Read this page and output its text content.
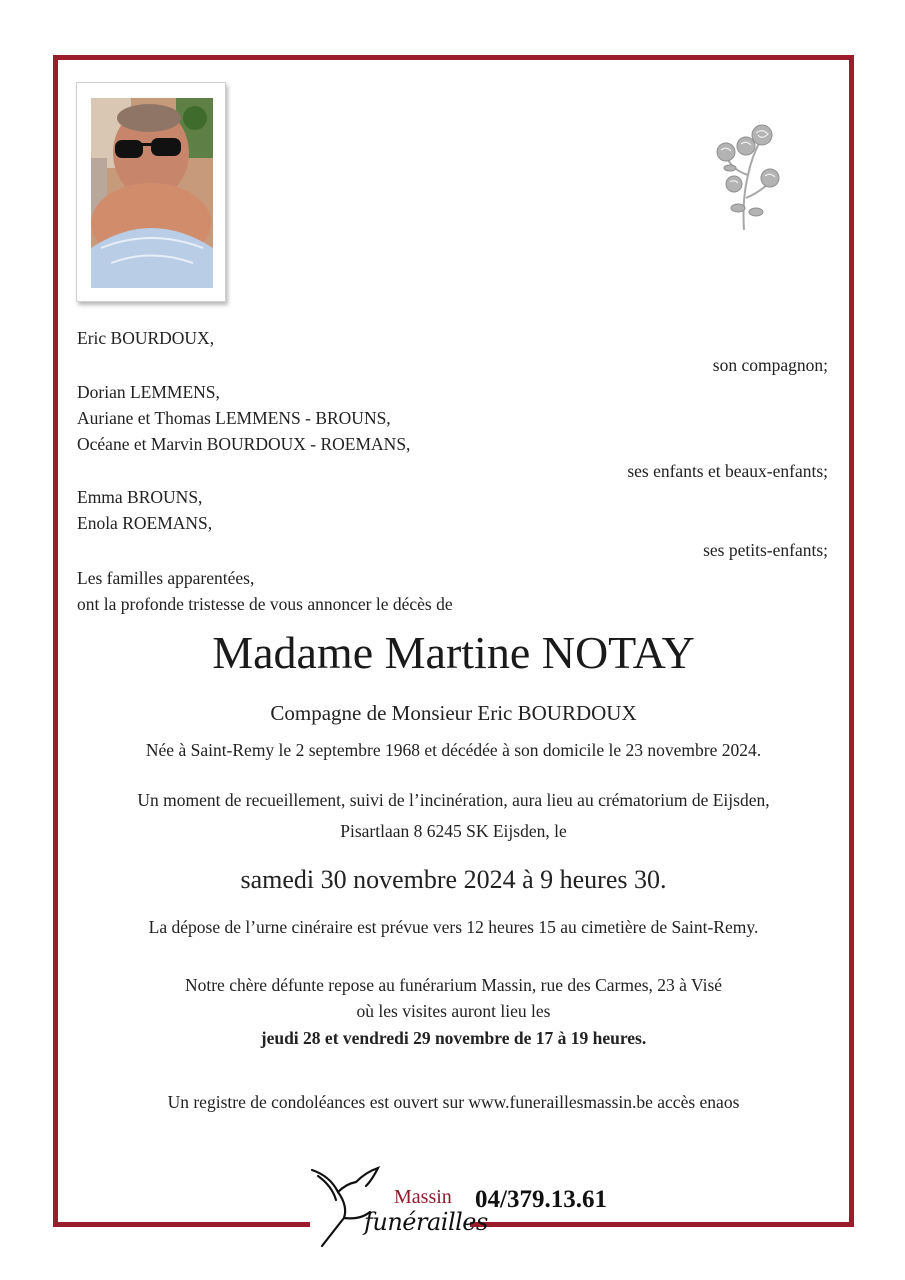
Eric BOURDOUX,
son compagnon;
Dorian LEMMENS,
Auriane et Thomas LEMMENS - BROUNS,
Océane et Marvin BOURDOUX - ROEMANS,
ses enfants et beaux-enfants;
Emma BROUNS,
Enola ROEMANS,
ses petits-enfants;
Les familles apparentées,
ont la profonde tristesse de vous annoncer le décès de
Madame Martine NOTAY
Compagne de Monsieur Eric BOURDOUX
Née à Saint-Remy le 2 septembre 1968 et décédée à son domicile le 23 novembre 2024.
Un moment de recueillement, suivi de l’incinération, aura lieu au crématorium de Eijsden,
Pisartlaan 8 6245 SK Eijsden, le
samedi 30 novembre 2024 à 9 heures 30.
La dépose de l’urne cinéraire est prévue vers 12 heures 15 au cimetière de Saint-Remy.
Notre chère défunte repose au funérarium Massin, rue des Carmes, 23 à Visé
où les visites auront lieu les
jeudi 28 et vendredi 29 novembre de 17 à 19 heures.
Un registre de condoléances est ouvert sur www.funeraillesmassin.be accès enaos
Massin
funérailles
04/379.13.61
